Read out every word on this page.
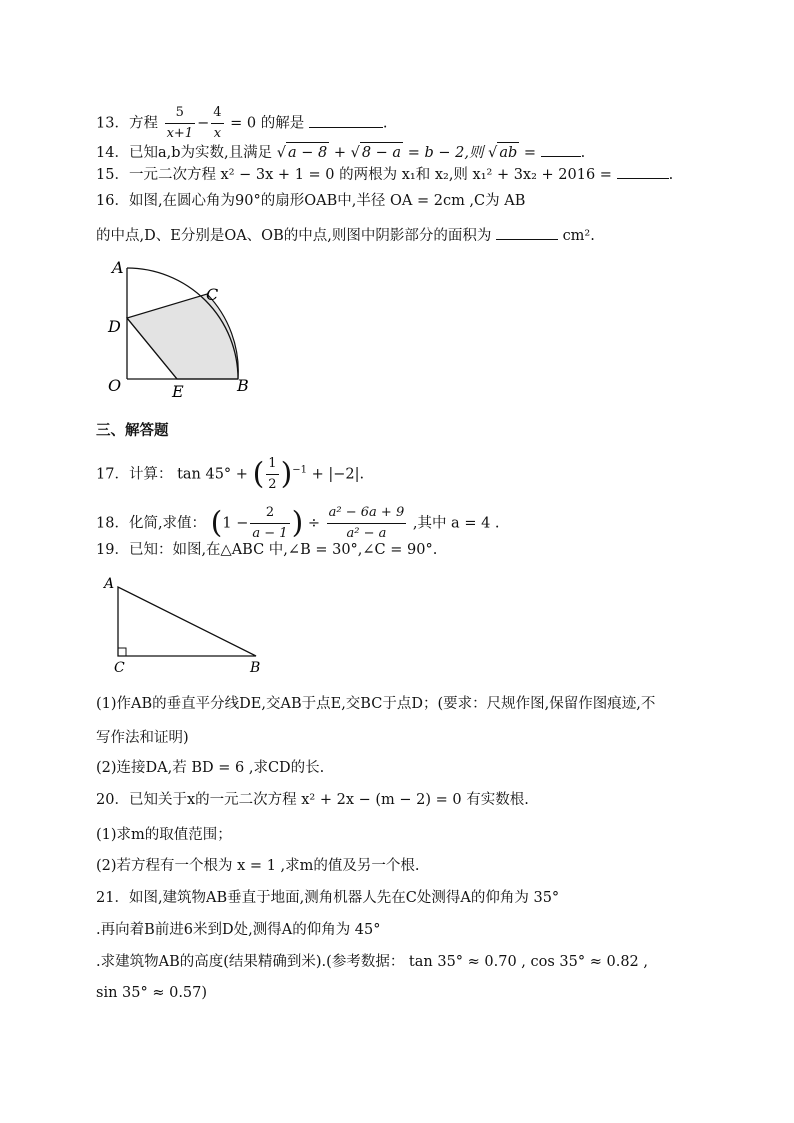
13．方程 $\frac{5}{x+1} - \frac{4}{x} = 0$ 的解是	.
14．已知a,b为实数,且满足 √ a − 8 + √ 8 − a = b − 2,则 √ ab =	.
15．一元二次方程 x² − 3x + 1 = 0 的两根为 x₁和 x₂,则 x₁² + 3x₂ + 2016 =	.
16．如图,在圆心角为90°的扇形OAB中,半径 OA = 2cm ,C为 AB
的中点,D、E分别是OA、OB的中点,则图中阴影部分的面积为	cm².
A
C
D
O	E	B
三、解答题
17．计算： tan 45° + ( $\frac{1}{2} )^{-1} + |-2|$.
18．化简,求值： ($1 - \frac{2}{a - 1}$ ) ÷ $\frac{\text{a² − 6a + 9}}{\text{a² − a}}$ ,其中 a = 4 .
19．已知：如图,在△ABC 中,∠B = 30°,∠C = 90°.
A
C	B
(1)作AB的垂直平分线DE,交AB于点E,交BC于点D；(要求：尺规作图,保留作图痕迹,不
写作法和证明)
(2)连接DA,若 BD = 6 ,求CD的长.
20．已知关于x的一元二次方程 x² + 2x − (m − 2) = 0 有实数根.
(1)求m的取值范围；
(2)若方程有一个根为 x = 1 ,求m的值及另一个根.
21．如图,建筑物AB垂直于地面,测角机器人先在C处测得A的仰角为 35°
.再向着B前进6米到D处,测得A的仰角为 45°
.求建筑物AB的高度(结果精确到米).(参考数据： tan 35° ≈ 0.70 , cos 35° ≈ 0.82 ,
sin 35° ≈ 0.57)
